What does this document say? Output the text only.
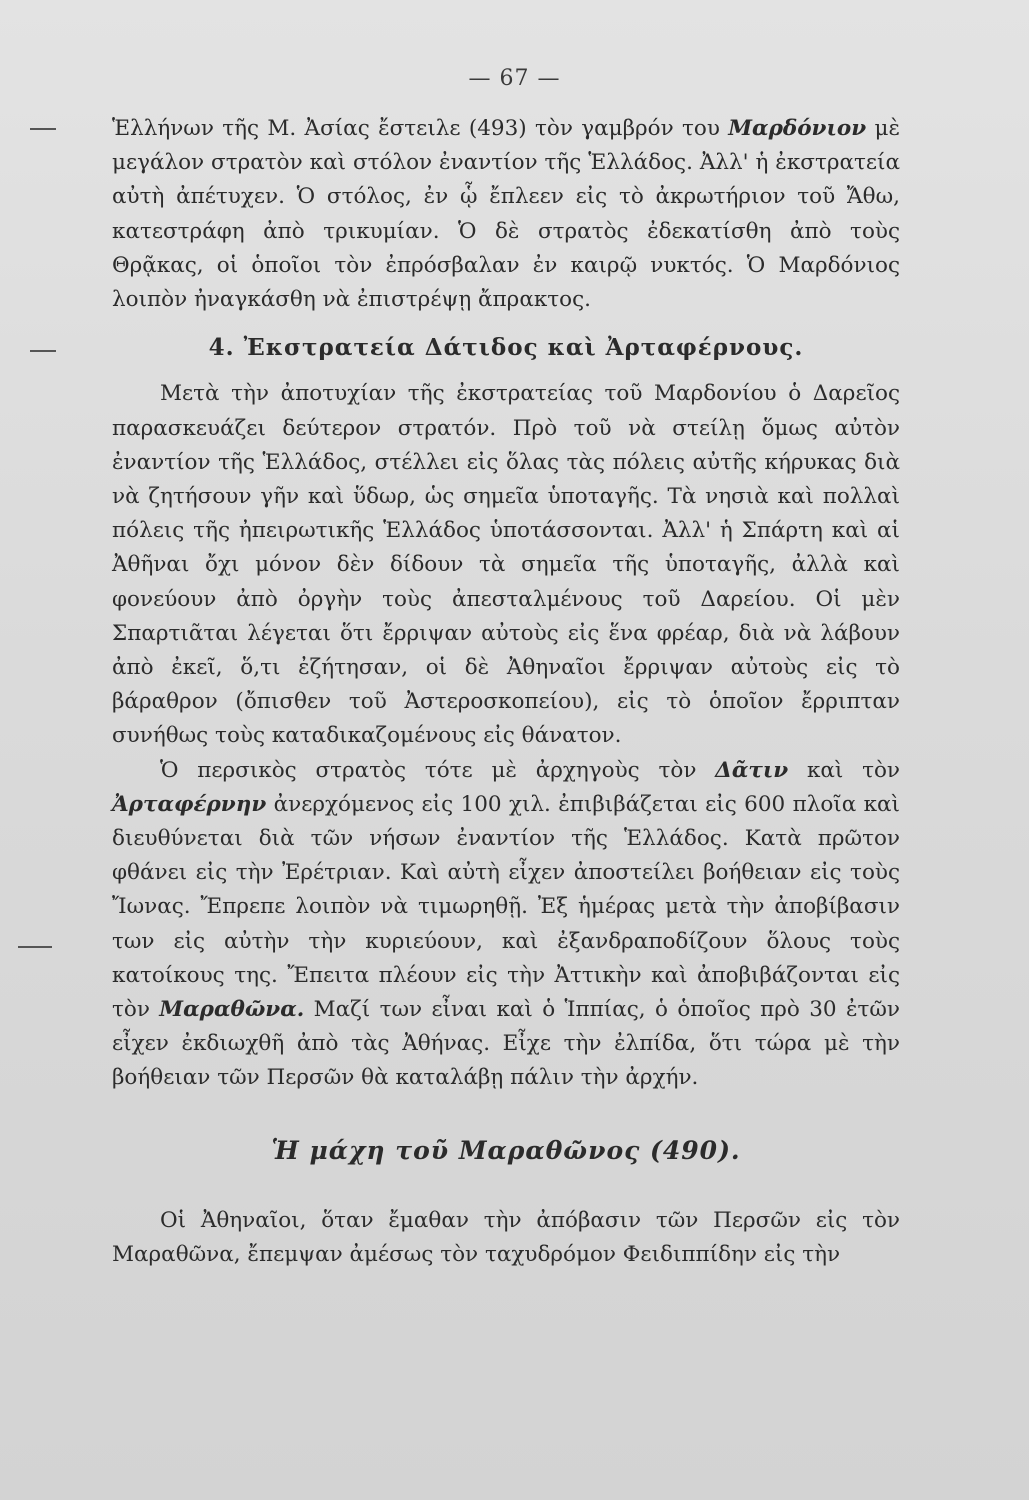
— 67 —

Ἑλλήνων τῆς Μ. Ἀσίας ἔστειλε (493) τὸν γαμβρόν του Μαρδόνιον μὲ μεγάλον στρατὸν καὶ στόλον ἐναντίον τῆς Ἑλλάδος. Ἀλλ' ἡ ἐκστρατεία αὐτὴ ἀπέτυχεν. Ὁ στόλος, ἐν ᾧ ἔπλεεν εἰς τὸ ἀκρωτήριον τοῦ Ἄθω, κατεστράφη ἀπὸ τρικυμίαν. Ὁ δὲ στρατὸς ἐδεκατίσθη ἀπὸ τοὺς Θρᾷκας, οἱ ὁποῖοι τὸν ἐπρόσβαλαν ἐν καιρῷ νυκτός. Ὁ Μαρδόνιος λοιπὸν ἠναγκάσθη νὰ ἐπιστρέψῃ ἄπρακτος.

4. Ἐκστρατεία Δάτιδος καὶ Ἀρταφέρνους.

Μετὰ τὴν ἀποτυχίαν τῆς ἐκστρατείας τοῦ Μαρδονίου ὁ Δαρεῖος παρασκευάζει δεύτερον στρατόν. Πρὸ τοῦ νὰ στείλῃ ὅμως αὐτὸν ἐναντίον τῆς Ἑλλάδος, στέλλει εἰς ὅλας τὰς πόλεις αὐτῆς κήρυκας διὰ νὰ ζητήσουν γῆν καὶ ὕδωρ, ὡς σημεῖα ὑποταγῆς. Τὰ νησιὰ καὶ πολλαὶ πόλεις τῆς ἠπειρωτικῆς Ἑλλάδος ὑποτάσσονται. Ἀλλ' ἡ Σπάρτη καὶ αἱ Ἀθῆναι ὄχι μόνον δὲν δίδουν τὰ σημεῖα τῆς ὑποταγῆς, ἀλλὰ καὶ φονεύουν ἀπὸ ὀργὴν τοὺς ἀπεσταλμένους τοῦ Δαρείου. Οἱ μὲν Σπαρτιᾶται λέγεται ὅτι ἔρριψαν αὐτοὺς εἰς ἕνα φρέαρ, διὰ νὰ λάβουν ἀπὸ ἐκεῖ, ὅ,τι ἐζήτησαν, οἱ δὲ Ἀθηναῖοι ἔρριψαν αὐτοὺς εἰς τὸ βάραθρον (ὄπισθεν τοῦ Ἀστεροσκοπείου), εἰς τὸ ὁποῖον ἔρριπταν συνήθως τοὺς καταδικαζομένους εἰς θάνατον.

Ὁ περσικὸς στρατὸς τότε μὲ ἀρχηγοὺς τὸν Δᾶτιν καὶ τὸν Ἀρταφέρνην ἀνερχόμενος εἰς 100 χιλ. ἐπιβιβάζεται εἰς 600 πλοῖα καὶ διευθύνεται διὰ τῶν νήσων ἐναντίον τῆς Ἑλλάδος. Κατὰ πρῶτον φθάνει εἰς τὴν Ἐρέτριαν. Καὶ αὐτὴ εἶχεν ἀποστείλει βοήθειαν εἰς τοὺς Ἴωνας. Ἔπρεπε λοιπὸν νὰ τιμωρηθῇ. Ἐξ ἡμέρας μετὰ τὴν ἀποβίβασιν των εἰς αὐτὴν τὴν κυριεύουν, καὶ ἐξανδραποδίζουν ὅλους τοὺς κατοίκους της. Ἔπειτα πλέουν εἰς τὴν Ἀττικὴν καὶ ἀποβιβάζονται εἰς τὸν Μαραθῶνα. Μαζί των εἶναι καὶ ὁ Ἱππίας, ὁ ὁποῖος πρὸ 30 ἐτῶν εἶχεν ἐκδιωχθῆ ἀπὸ τὰς Ἀθήνας. Εἶχε τὴν ἐλπίδα, ὅτι τώρα μὲ τὴν βοήθειαν τῶν Περσῶν θὰ καταλάβῃ πάλιν τὴν ἀρχήν.

Ἡ μάχη τοῦ Μαραθῶνος (490).

Οἱ Ἀθηναῖοι, ὅταν ἔμαθαν τὴν ἀπόβασιν τῶν Περσῶν εἰς τὸν Μαραθῶνα, ἔπεμψαν ἀμέσως τὸν ταχυδρόμον Φειδιππίδην εἰς τὴν
